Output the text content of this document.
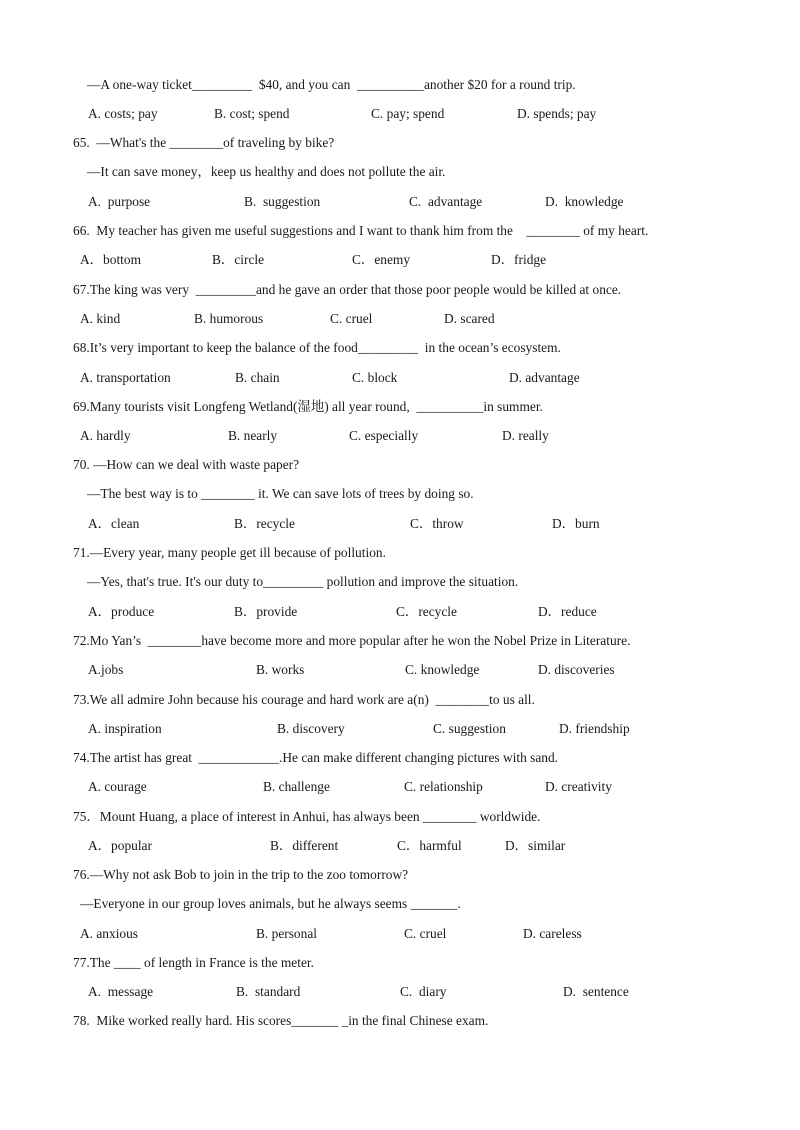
—A one-way ticket_________  $40, and you can  __________another $20 for a round trip.
A. costs; pay	B. cost; spend	C. pay; spend	D. spends; pay
65.  —What's the ________of traveling by bike?
—It can save money，keep us healthy and does not pollute the air.
A.  purpose	B.  suggestion	C.  advantage	D.  knowledge
66.  My teacher has given me useful suggestions and I want to thank him from the    ________ of my heart.
A．bottom	B．circle	C．enemy	D．fridge
67.The king was very  _________and he gave an order that those poor people would be killed at once.
A. kind	B. humorous	C. cruel	D. scared
68.It’s very important to keep the balance of the food_________  in the ocean’s ecosystem.
A. transportation	B. chain	C. block	D. advantage
69.Many tourists visit Longfeng Wetland(湿地) all year round,  __________in summer.
A. hardly	B. nearly	C. especially	D. really
70. —How can we deal with waste paper?
—The best way is to ________ it. We can save lots of trees by doing so.
A．clean	B．recycle	C．throw	D．burn
71.—Every year, many people get ill because of pollution.
—Yes, that's true. It's our duty to_________ pollution and improve the situation.
A．produce	B．provide	C．recycle	D．reduce
72.Mo Yan’s  ________have become more and more popular after he won the Nobel Prize in Literature.
A.jobs	B. works	C. knowledge	D. discoveries
73.We all admire John because his courage and hard work are a(n)  ________to us all.
A. inspiration	B. discovery	C. suggestion	D. friendship
74.The artist has great  ____________.He can make different changing pictures with sand.
A. courage	B. challenge	C. relationship	D. creativity
75．Mount Huang, a place of interest in Anhui, has always been ________ worldwide.
A．popular	B．different	C．harmful	D．similar
76.—Why not ask Bob to join in the trip to the zoo tomorrow?
—Everyone in our group loves animals, but he always seems _______.
A. anxious	B. personal	C. cruel	D. careless
77.The ____ of length in France is the meter.
A.  message	B.  standard	C.  diary	D.  sentence
78.  Mike worked really hard. His scores_______ _in the final Chinese exam.
